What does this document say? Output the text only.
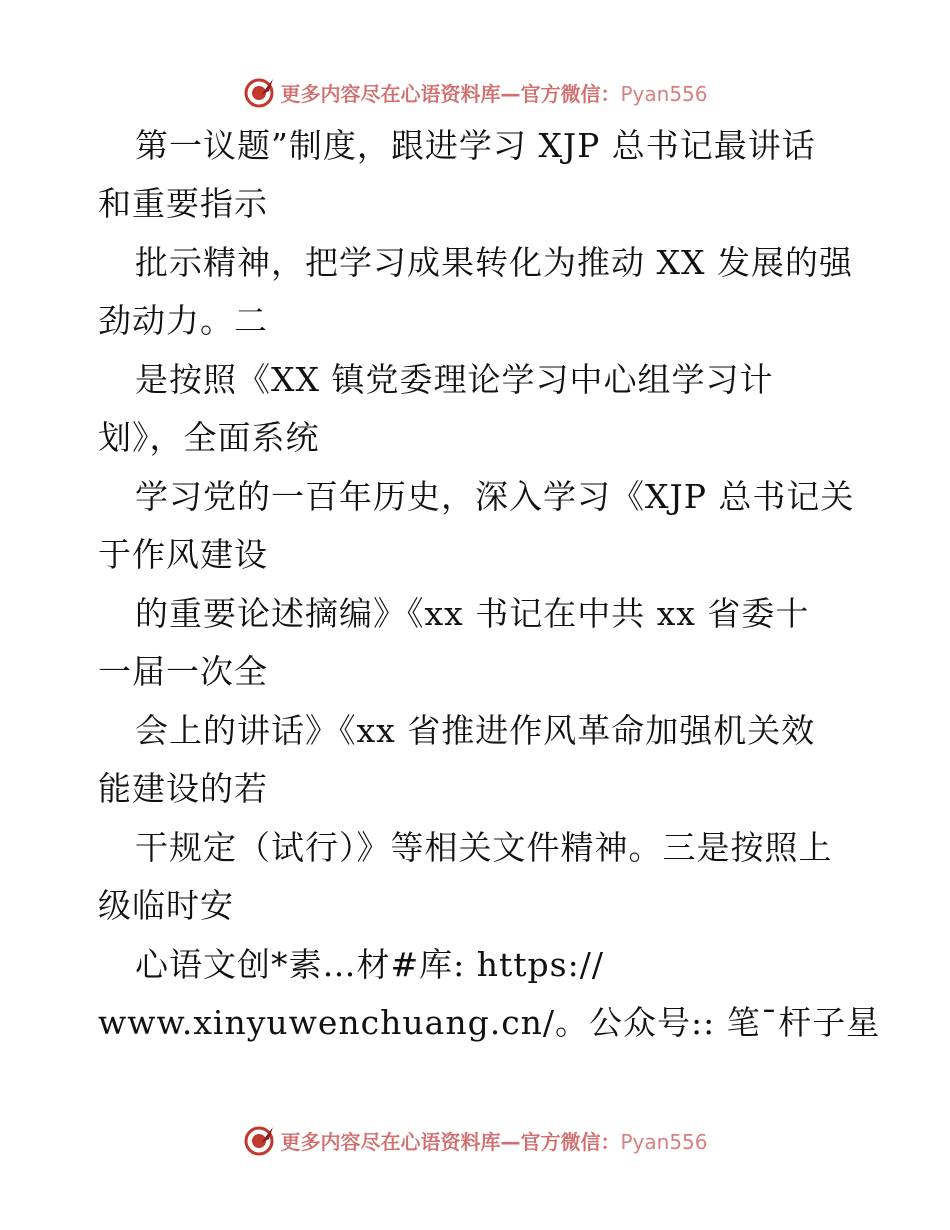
更多内容尽在心语资料库—官方微信：Pyan556
第一议题”制度，跟进学习 XJP 总书记最讲话
和重要指示
批示精神，把学习成果转化为推动 XX 发展的强
劲动力。二
是按照《XX 镇党委理论学习中心组学习计
划》，全面系统
学习党的一百年历史，深入学习《XJP 总书记关
于作风建设
的重要论述摘编》《xx 书记在中共 xx 省委十
一届一次全
会上的讲话》《xx 省推进作风革命加强机关效
能建设的若
干规定（试行）》等相关文件精神。三是按照上
级临时安
心语文创*素…材#库: https://
www.xinyuwenchuang.cn/。公众号:: 笔¯杆子星
更多内容尽在心语资料库—官方微信：Pyan556
